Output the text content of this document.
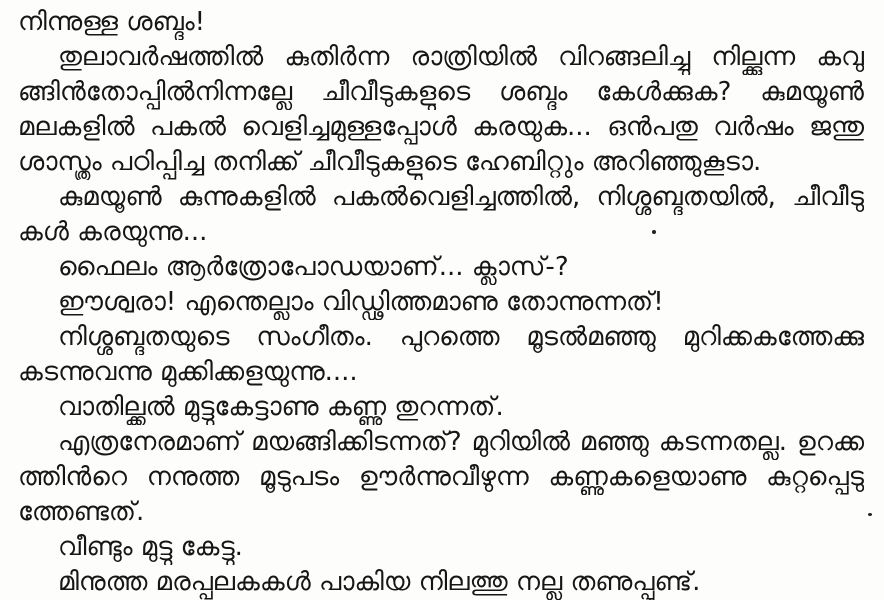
നിന്നുള്ള ശബ്ദം!
തുലാവർഷത്തിൽ കുതിർന്ന രാത്രിയിൽ വിറങ്ങലിച്ചു നില്ക്കുന്ന കവു
ങ്ങിൻതോപ്പിൽനിന്നല്ലേ ചീവീടുകളുടെ ശബ്ദം കേൾക്കുക? കുമയൂൺ
മലകളിൽ പകൽ വെളിച്ചമുള്ളപ്പോൾ കരയുക... ഒൻപതു വർഷം ജന്തു
ശാസ്ത്രം പഠിപ്പിച്ച തനിക്ക് ചീവീടുകളുടെ ഹേബിറ്റും അറിഞ്ഞുകൂടാ.
കുമയൂൺ കുന്നുകളിൽ പകൽവെളിച്ചത്തിൽ, നിശ്ശബ്ദതയിൽ, ചീവീടു
കൾ കരയുന്നു...
ഫൈലം ആർത്രോപോഡയാണ്... ക്ലാസ്-?
ഈശ്വരാ! എന്തെല്ലാം വിഡ്ഢിത്തമാണു തോന്നുന്നത്!
നിശ്ശബ്ദതയുടെ സംഗീതം. പുറത്തെ മൂടൽമഞ്ഞു മുറിക്കകത്തേക്കു
കടന്നുവന്നു മുക്കിക്കളയുന്നു....
വാതില്ക്കൽ മുട്ടുകേട്ടാണു കണ്ണു തുറന്നത്.
എത്രനേരമാണ് മയങ്ങിക്കിടന്നത്? മുറിയിൽ മഞ്ഞു കടന്നതല്ല. ഉറക്ക
ത്തിൻറെ നനുത്ത മൂടുപടം ഊർന്നുവീഴുന്ന കണ്ണുകളെയാണു കുറ്റപ്പെടു
ത്തേണ്ടത്.
വീണ്ടും മുട്ടു കേട്ടു.
മിനുത്ത മരപ്പലകകൾ പാകിയ നിലത്തു നല്ല തണുപ്പുണ്ട്.
